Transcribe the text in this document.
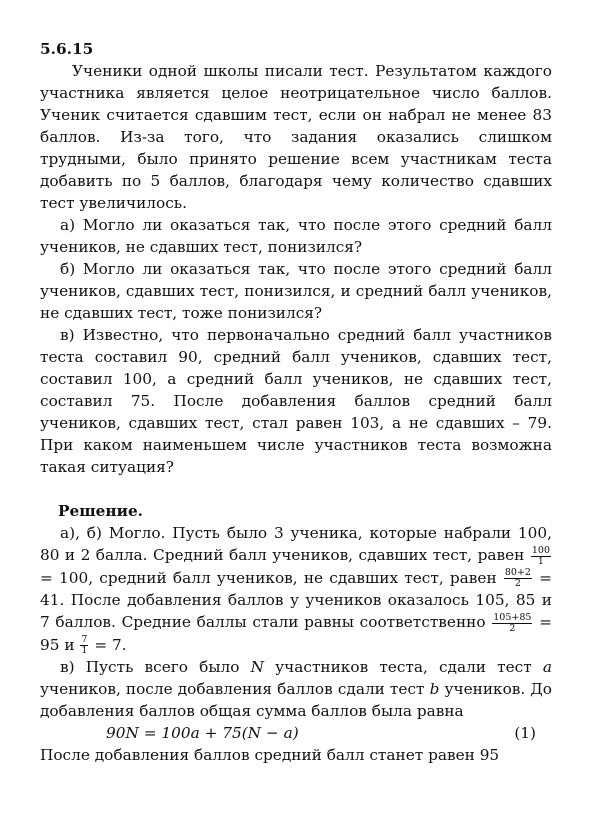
5.6.15

Ученики одной школы писали тест. Результатом каждого участника является целое неотрицательное число баллов. Ученик считается сдавшим тест, если он набрал не менее 83 баллов. Из-за того, что задания оказались слишком трудными, было принято решение всем участникам теста добавить по 5 баллов, благодаря чему количество сдавших тест увеличилось.

а) Могло ли оказаться так, что после этого средний балл учеников, не сдавших тест, понизился?

б) Могло ли оказаться так, что после этого средний балл учеников, сдавших тест, понизился, и средний балл учеников, не сдавших тест, тоже понизился?

в) Известно, что первоначально средний балл участников теста составил 90, средний балл учеников, сдавших тест, составил 100, а средний балл учеников, не сдавших тест, составил 75. После добавления баллов средний балл учеников, сдавших тест, стал равен 103, а не сдавших – 79. При каком наименьшем числе участников теста возможна такая ситуация?

Решение.

а), б) Могло. Пусть было 3 ученика, которые набрали 100, 80 и 2 балла. Средний балл учеников, сдавших тест, равен $\frac{100}{1}$
= 100, средний балл учеников, не сдавших тест, равен $\frac{80+2}{2} = 41$. После добавления баллов у учеников оказалось 105, 85 и 7 баллов. Средние баллы стали равны соответственно $\frac{105+85}{2} = 95$ и $\frac{7}{1} = 7$.

в) Пусть всего было N участников теста, сдали тест a учеников, после добавления баллов сдали тест b учеников. До добавления баллов общая сумма баллов была равна

90N = 100a + 75(N − a)	(1)

После добавления баллов средний балл станет равен 95
